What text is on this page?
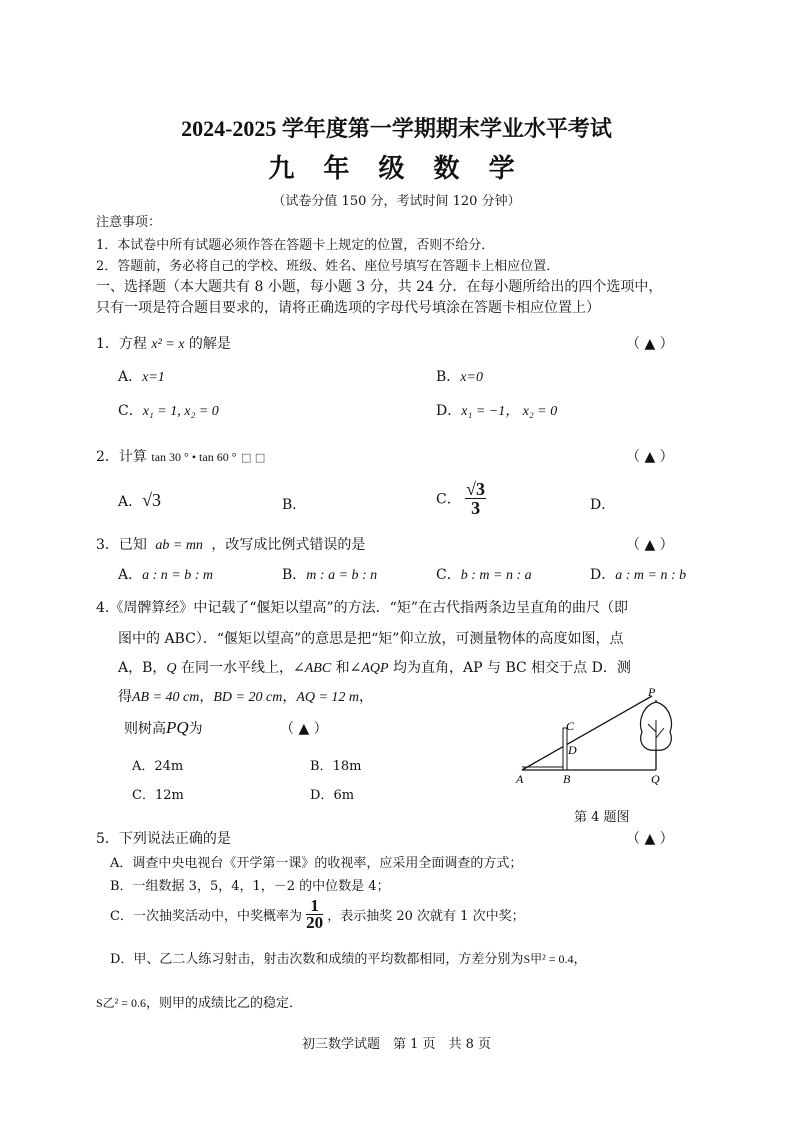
2024-2025 学年度第一学期期末学业水平考试
九 年 级 数 学
（试卷分值 150 分，考试时间 120 分钟）
注意事项：
1．本试卷中所有试题必须作答在答题卡上规定的位置，否则不给分．
2．答题前，务必将自己的学校、班级、姓名、座位号填写在答题卡上相应位置．
一、选择题（本大题共有 8 小题，每小题 3 分，共 24 分．在每小题所给出的四个选项中，
只有一项是符合题目要求的，请将正确选项的字母代号填涂在答题卡相应位置上）
1．方程 x² = x 的解是	（ ▲ ）
A．x=1	B．x=0
C．x₁ = 1, x₂ = 0	D．x₁ = −1， x₂ = 0
2．计算 tan 30 ° • tan 60 ° □ □	（ ▲ ）
A．√3	B．	C． $\frac{√3}{3}$	D．
3．已知 ab = mn ，改写成比例式错误的是	（ ▲ ）
A．a : n = b : m	B．m : a = b : n	C．b : m = n : a	D．a : m = n : b
4.《周髀算经》中记载了“偃矩以望高”的方法．“矩”在古代指两条边呈直角的曲尺（即
图中的 ABC）．“偃矩以望高”的意思是把“矩”仰立放，可测量物体的高度如图，点
A，B，Q 在同一水平线上，∠ABC 和∠AQP 均为直角，AP 与 BC 相交于点 D．测
得AB = 40 cm，BD = 20 cm，AQ = 12 m，
则树高PQ为	（ ▲ ）
A．24m	B．18m
C．12m	D．6m
A	B
C
D
P
Q
第 4 题图
5．下列说法正确的是	（ ▲ ）
A．调查中央电视台《开学第一课》的收视率，应采用全面调查的方式；
B．一组数据 3，5，4，1，－2 的中位数是 4；
C．一次抽奖活动中，中奖概率为 $\frac{1}{20}$ ，表示抽奖 20 次就有 1 次中奖；
D．甲、乙二人练习射击，射击次数和成绩的平均数都相同，方差分别为S甲² = 0.4，
S乙² = 0.6，则甲的成绩比乙的稳定．
初三数学试题　第 1 页　共 8 页
